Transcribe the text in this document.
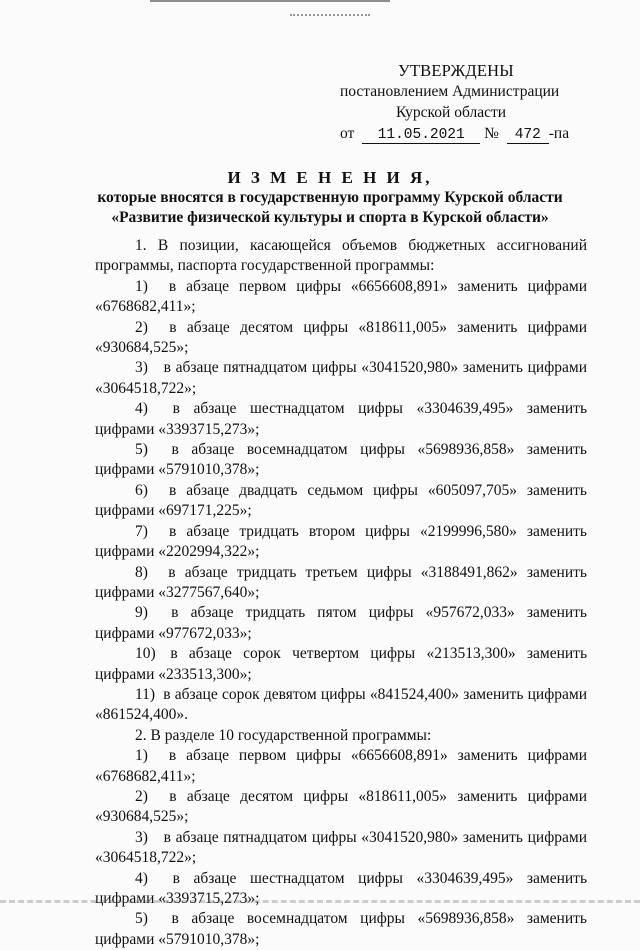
УТВЕРЖДЕНЫ
постановлением Администрации
Курской области
от 11.05.2021 № 472 -па
И З М Е Н Е Н И Я,
которые вносятся в государственную программу Курской области
«Развитие физической культуры и спорта в Курской области»

1. В позиции, касающейся объемов бюджетных ассигнований программы, паспорта государственной программы:

1) в абзаце первом цифры «6656608,891» заменить цифрами «6768682,411»;

2) в абзаце десятом цифры «818611,005» заменить цифрами «930684,525»;

3) в абзаце пятнадцатом цифры «3041520,980» заменить цифрами «3064518,722»;

4) в абзаце шестнадцатом цифры «3304639,495» заменить цифрами «3393715,273»;

5) в абзаце восемнадцатом цифры «5698936,858» заменить цифрами «5791010,378»;

6) в абзаце двадцать седьмом цифры «605097,705» заменить цифрами «697171,225»;

7) в абзаце тридцать втором цифры «2199996,580» заменить цифрами «2202994,322»;

8) в абзаце тридцать третьем цифры «3188491,862» заменить цифрами «3277567,640»;

9) в абзаце тридцать пятом цифры «957672,033» заменить цифрами «977672,033»;

10) в абзаце сорок четвертом цифры «213513,300» заменить цифрами «233513,300»;

11) в абзаце сорок девятом цифры «841524,400» заменить цифрами «861524,400».

2. В разделе 10 государственной программы:

1) в абзаце первом цифры «6656608,891» заменить цифрами «6768682,411»;

2) в абзаце десятом цифры «818611,005» заменить цифрами «930684,525»;

3) в абзаце пятнадцатом цифры «3041520,980» заменить цифрами «3064518,722»;

4) в абзаце шестнадцатом цифры «3304639,495» заменить цифрами «3393715,273»;

5) в абзаце восемнадцатом цифры «5698936,858» заменить цифрами «5791010,378»;
